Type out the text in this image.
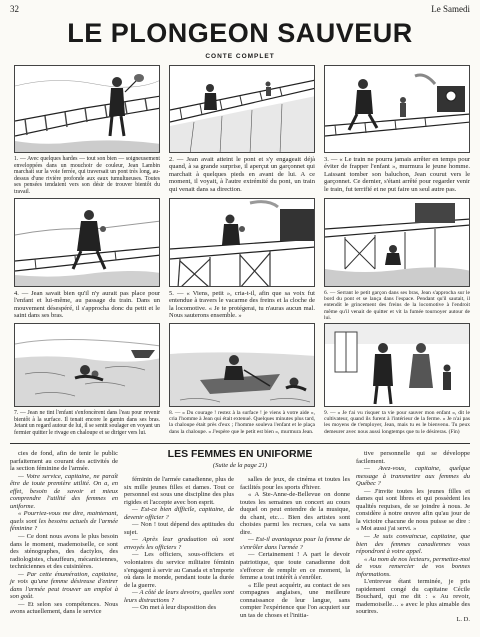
32	Le Samedi
LE PLONGEON SAUVEUR
CONTE COMPLET
1. — Avec quelques hardes — tout son bien — soigneusement enveloppées dans un mouchoir de couleur, Jean Lambin marchait sur la voie ferrée, qui traversait un pont très long, au-dessus d'une rivière profonde aux eaux tumultueuses. Toutes ses pensées tendaient vers son désir de trouver bientôt du travail.
2. — Jean avait atteint le pont et s'y engageait déjà quand, à sa grande surprise, il aperçut un garçonnet qui marchait à quelques pieds en avant de lui. A ce moment, il voyait, à l'autre extrémité du pont, un train qui venait dans sa direction.
3. — « Le train ne pourra jamais arrêter en temps pour éviter de frapper l'enfant », murmura le jeune homme. Laissant tomber son baluchon, Jean courut vers le garçonnet. Ce dernier, s'étant arrêté pour regarder venir le train, fut terrifié et ne put faire un seul autre pas.
4. — Jean savait bien qu'il n'y aurait pas place pour l'enfant et lui-même, au passage du train. Dans un mouvement désespéré, il s'approcha donc du petit et le saint dans ses bras.
5. — « Viens, petit », cria-t-il, afin que sa voix fut entendue à travers le vacarme des freins et la cloche de la locomotive. « Je te protégerai, tu n'auras aucun mal. Nous sauterons ensemble. »
6. — Serrant le petit garçon dans ses bras, Jean s'approcha sur le bord du pont et se lança dans l'espace. Pendant qu'il sautait, il entendit le grincement des freins de la locomotive à l'endroit même qu'il venait de quitter et vit la fumée tournoyer autour de lui.
7. — Jean ne tint l'enfant s'enfoncèrent dans l'eau pour revenir bientôt à la surface. Il tenait encore le gamin dans ses bras. Jetant un regard autour de lui, il se sentit soulager en voyant un fermier quitter le rivage en chaloupe et se diriger vers lui.
8. — « Du courage ! restez à la surface ! je viens à votre aide », cria l'homme à Jean qui était extenué. Quelques minutes plus tard, la chaloupe était près d'eux ; l'homme souleva l'enfant et le plaça dans la chaloupe. « J'espère que le petit est bien », murmura Jean.
9. — « Je t'ai vu risquer ta vie pour sauver mon enfant », dit le cultivateur, quand ils furent à l'intérieur de la ferme. « Je n'ai pas les moyens de t'employer, Jean, mais tu es le bienvenu. Tu peux demeurer avec nous aussi longtemps que tu le désireras. (Fin)
LES FEMMES EN UNIFORME
(Suite de la page 21)

cies de fond, afin de tenir le public parfaitement au courant des activités de la section féminine de l'armée.

— Votre service, capitaine, ne paraît être de toute première utilité. On a, en effet, besoin de savoir et mieux comprendre l'utilité des femmes en uniforme.

« Pourriez-vous me dire, maintenant, quels sont les besoins actuels de l'armée féminine ?

— Ce dont nous avons le plus besoin dans le moment, mademoiselle, ce sont des sténographes, des dactylos, des radiologistes, chauffeurs, mécaniciennes, techniciennes et des cuisinières.

— Par cette énumération, capitaine, je vois qu'une femme désireuse d'entrer dans l'armée peut trouver un emploi à son goût.

— Et selon ses compétences. Nous avons actuellement, dans le service

féminin de l'armée canadienne, plus de six mille jeunes filles et dames. Tout ce personnel est sous une discipline des plus rigides et l'accepte avec bon esprit.

— Est-ce bien difficile, capitaine, de devenir officier ?

— Non ! tout dépend des aptitudes du sujet.

— Après leur graduation où sont envoyés les officiers ?

— Les officiers, sous-officiers et volontaires du service militaire féminin s'engagent à servir au Canada et n'importe où dans le monde, pendant toute la durée de la guerre.

— A côté de leurs devoirs, quelles sont leurs distractions ?

— On met à leur disposition des

salles de jeux, de cinéma et toutes les facilités pour les sports d'hiver.

« A Ste-Anne-de-Bellevue on donne toutes les semaines un concert au cours duquel on peut entendre de la musique, du chant, etc… Bien des artistes sont choisies parmi les recrues, cela va sans dire.

— Est-il avantageux pour la femme de s'enrôler dans l'armée ?

— Certainement ! A part le devoir patriotique, que toute canadienne doit s'efforcer de remplir en ce moment, la femme a tout intérêt à s'enrôler.

« Elle peut acquérir, au contact de ses compagnes anglaises, une meilleure connaissance de leur langue, sans compter l'expérience que l'on acquiert sur un tas de choses et l'initia-

tive personnelle qui se développe facilement.

— Avez-vous, capitaine, quelque message à transmettre aux femmes du Québec ?

— J'invite toutes les jeunes filles et dames qui sont libres et qui possèdent les qualités requises, de se joindre à nous. Je considère à notre œuvre afin qu'au jour de la victoire chacune de nous puisse se dire : « Moi aussi j'ai servi. »

— Je suis convaincue, capitaine, que bien des femmes canadiennes vous répondront à votre appel.

« Au nom de nos lecteurs, permettez-moi de vous remercier de vos bonnes informations.

L'entrevue étant terminée, je pris rapidement congé du capitaine Cécile Bouchard, qui me dit : « Au revoir, mademoiselle… » avec le plus aimable des sourires.

L. D.
